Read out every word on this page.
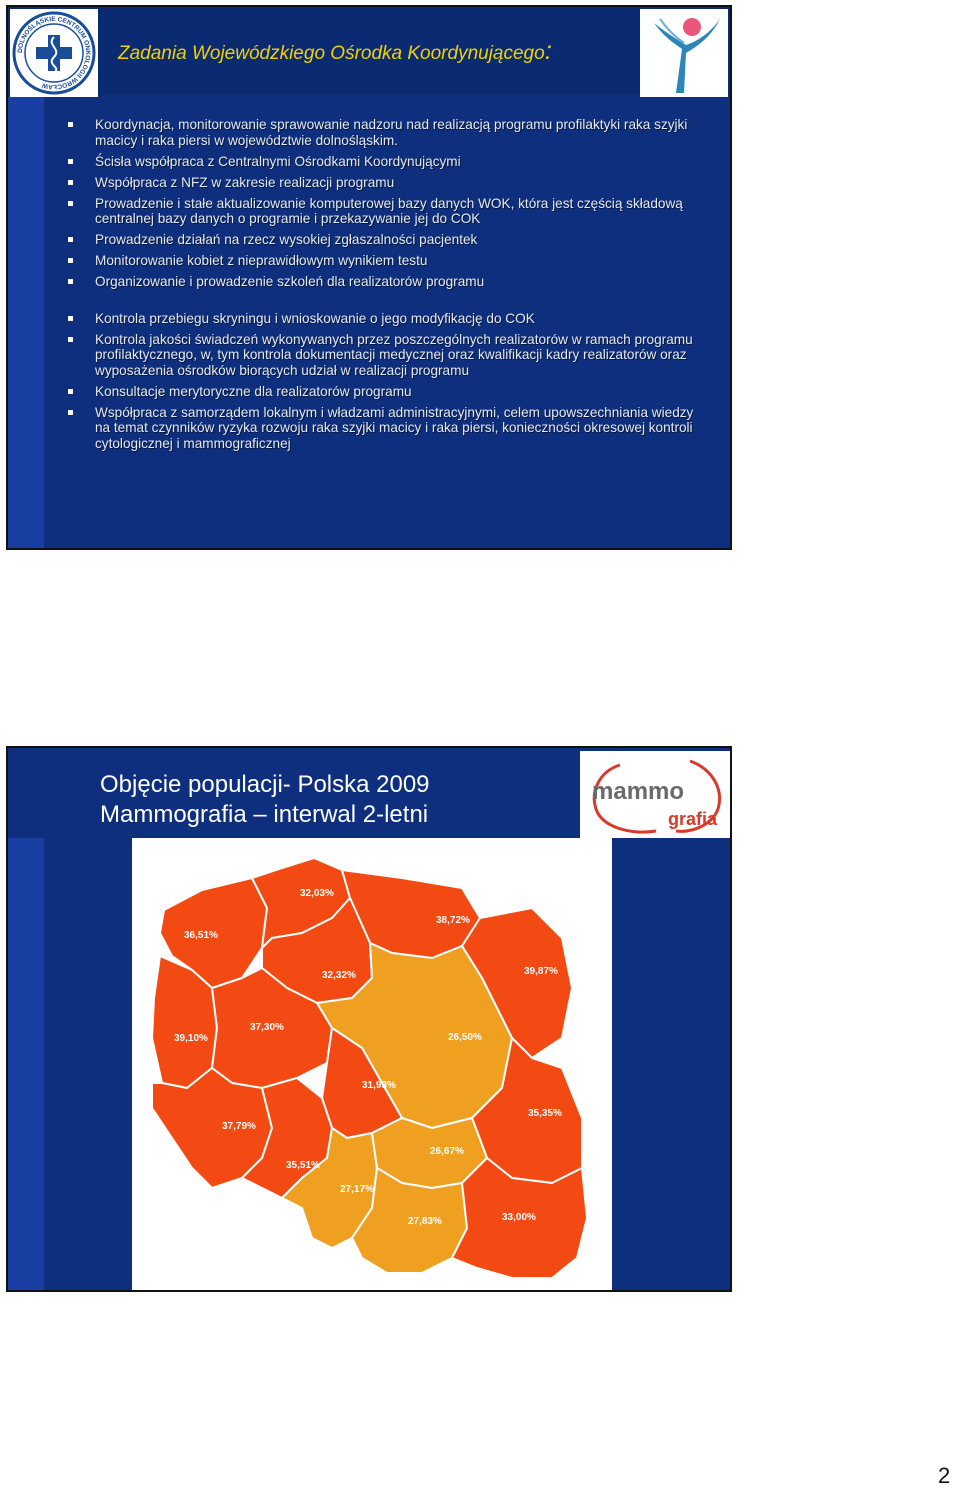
DOLNOŚLĄSKIE CENTRUM ONKOLOGII WROCŁAW
Zadania Wojewódzkiego Ośrodka Koordynującego:
Koordynacja, monitorowanie sprawowanie nadzoru nad realizacją programu profilaktyki raka szyjki macicy i raka piersi w województwie dolnośląskim.
Ścisła współpraca z Centralnymi Ośrodkami Koordynującymi
Współpraca z NFZ w zakresie realizacji programu
Prowadzenie i stałe aktualizowanie komputerowej bazy danych WOK, która jest częścią składową centralnej bazy danych o programie i przekazywanie jej do COK
Prowadzenie działań na rzecz wysokiej zgłaszalności pacjentek
Monitorowanie kobiet z nieprawidłowym wynikiem testu
Organizowanie i prowadzenie szkoleń dla realizatorów programu
Kontrola przebiegu skryningu i wnioskowanie o jego modyfikację do COK
Kontrola jakości świadczeń wykonywanych przez poszczególnych realizatorów w ramach programu profilaktycznego, w, tym kontrola dokumentacji medycznej oraz kwalifikacji kadry realizatorów oraz wyposażenia ośrodków biorących udział w realizacji programu
Konsultacje merytoryczne dla realizatorów programu
Współpraca z samorządem lokalnym i władzami administracyjnymi, celem upowszechniania wiedzy na temat czynników ryzyka rozwoju raka szyjki macicy i raka piersi, konieczności okresowej kontroli cytologicznej i mammograficznej
Objęcie populacji- Polska 2009
Mammografia – interwal 2-letni
mammo
grafia
36,51%
32,03%
38,72%
39,87%
32,32%
39,10%
37,30%
26,50%
31,93%
35,35%
37,79%
35,51%
27,17%
26,67%
27,83%	33,00%
2
